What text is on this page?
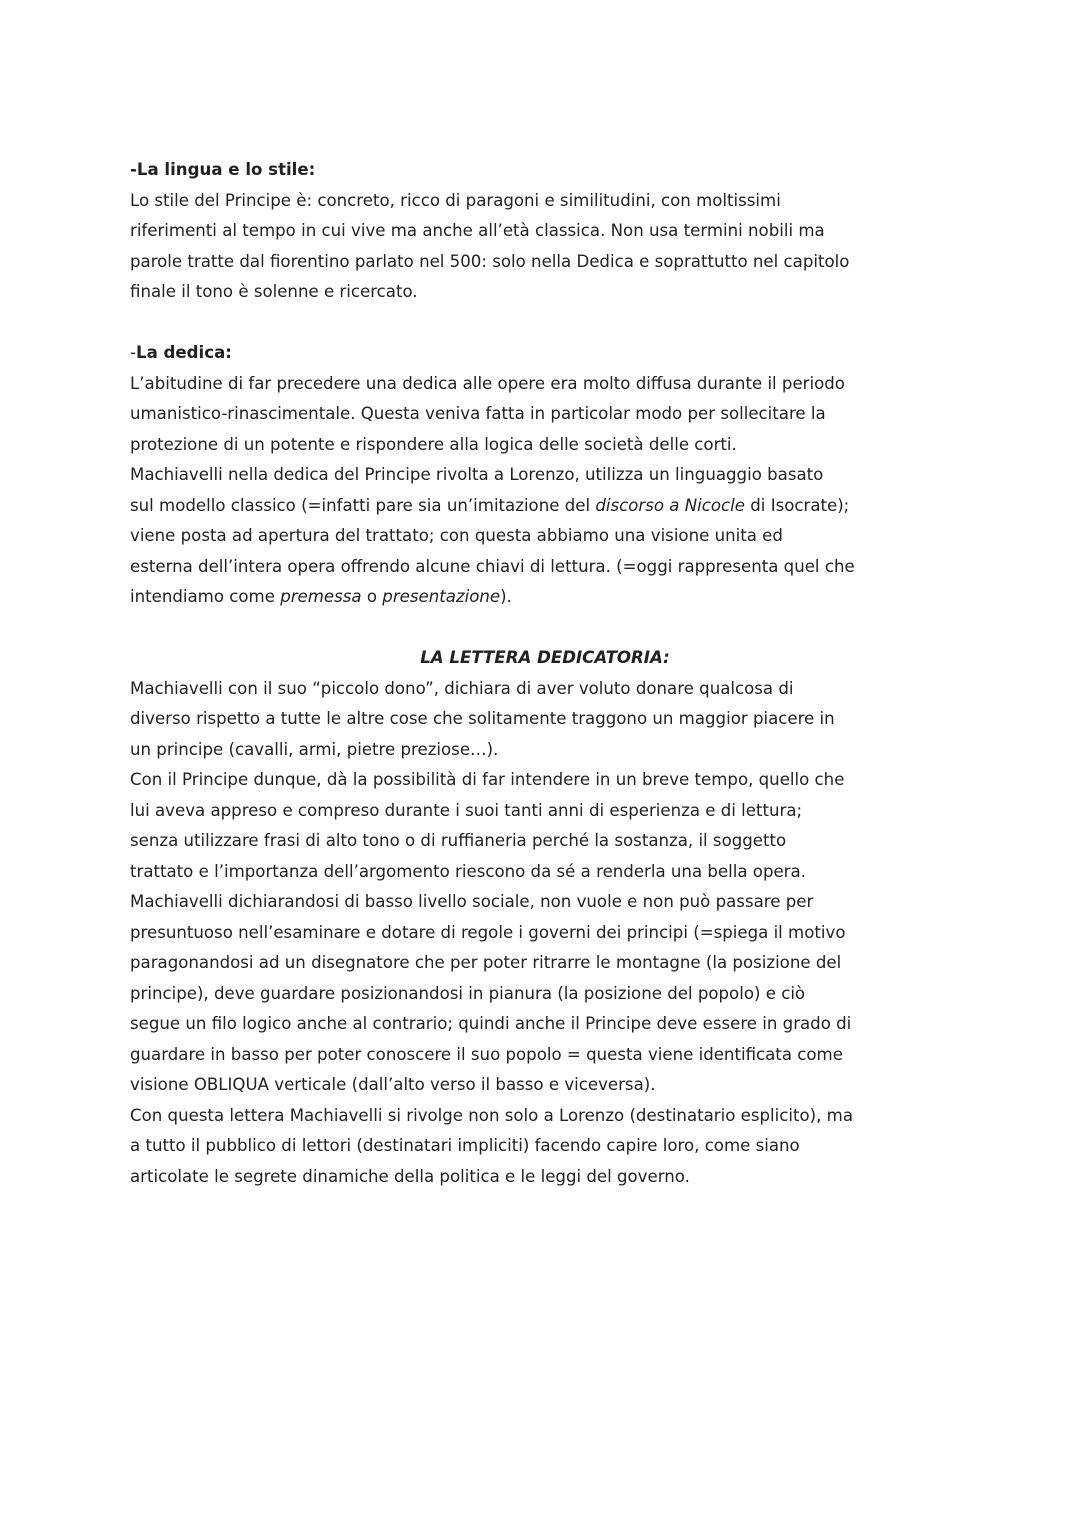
-La lingua e lo stile:
Lo stile del Principe è: concreto, ricco di paragoni e similitudini, con moltissimi
riferimenti al tempo in cui vive ma anche all’età classica. Non usa termini nobili ma
parole tratte dal fiorentino parlato nel 500: solo nella Dedica e soprattutto nel capitolo
finale il tono è solenne e ricercato.
-La dedica:
L’abitudine di far precedere una dedica alle opere era molto diffusa durante il periodo
umanistico-rinascimentale. Questa veniva fatta in particolar modo per sollecitare la
protezione di un potente e rispondere alla logica delle società delle corti.
Machiavelli nella dedica del Principe rivolta a Lorenzo, utilizza un linguaggio basato
sul modello classico (=infatti pare sia un’imitazione del discorso a Nicocle di Isocrate);
viene posta ad apertura del trattato; con questa abbiamo una visione unita ed
esterna dell’intera opera offrendo alcune chiavi di lettura. (=oggi rappresenta quel che
intendiamo come premessa o presentazione).
LA LETTERA DEDICATORIA:
Machiavelli con il suo “piccolo dono”, dichiara di aver voluto donare qualcosa di
diverso rispetto a tutte le altre cose che solitamente traggono un maggior piacere in
un principe (cavalli, armi, pietre preziose…).
Con il Principe dunque, dà la possibilità di far intendere in un breve tempo, quello che
lui aveva appreso e compreso durante i suoi tanti anni di esperienza e di lettura;
senza utilizzare frasi di alto tono o di ruffianeria perché la sostanza, il soggetto
trattato e l’importanza dell’argomento riescono da sé a renderla una bella opera.
Machiavelli dichiarandosi di basso livello sociale, non vuole e non può passare per
presuntuoso nell’esaminare e dotare di regole i governi dei principi (=spiega il motivo
paragonandosi ad un disegnatore che per poter ritrarre le montagne (la posizione del
principe), deve guardare posizionandosi in pianura (la posizione del popolo) e ciò
segue un filo logico anche al contrario; quindi anche il Principe deve essere in grado di
guardare in basso per poter conoscere il suo popolo = questa viene identificata come
visione OBLIQUA verticale (dall’alto verso il basso e viceversa).
Con questa lettera Machiavelli si rivolge non solo a Lorenzo (destinatario esplicito), ma
a tutto il pubblico di lettori (destinatari impliciti) facendo capire loro, come siano
articolate le segrete dinamiche della politica e le leggi del governo.
